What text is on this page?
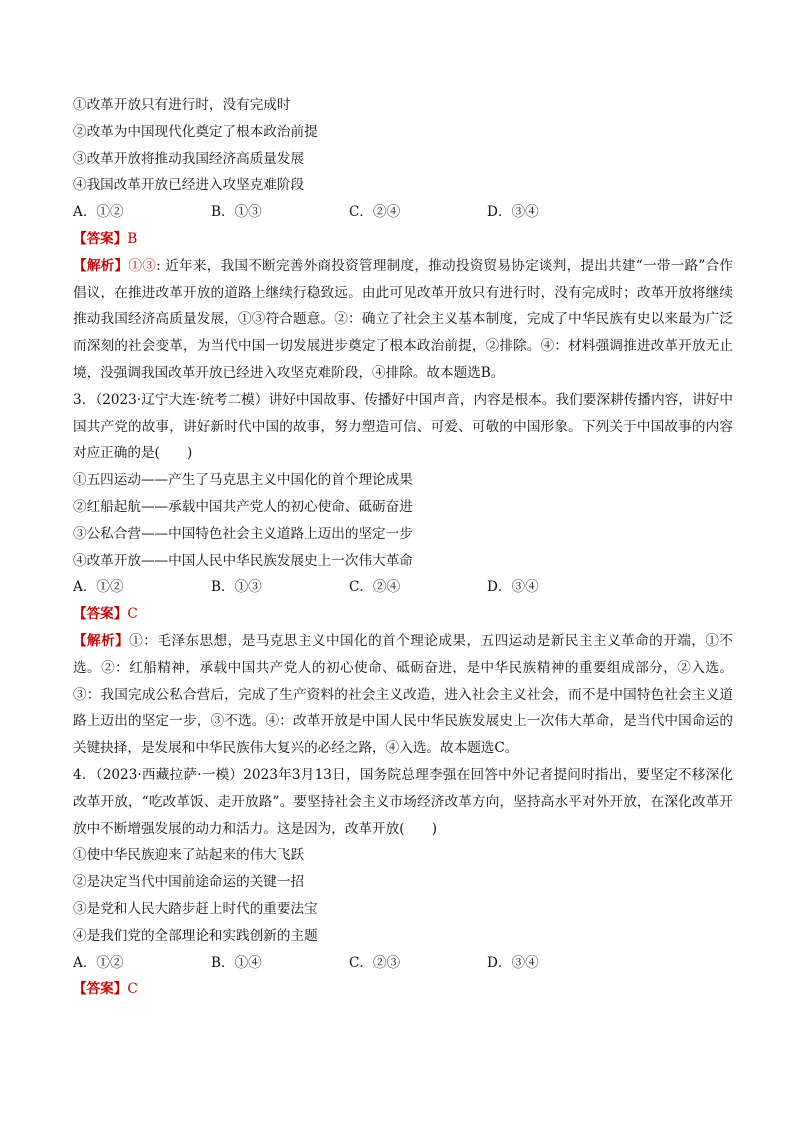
①改革开放只有进行时，没有完成时
②改革为中国现代化奠定了根本政治前提
③改革开放将推动我国经济高质量发展
④我国改革开放已经进入攻坚克难阶段
A．①②	B．①③	C．②④	D．③④
【答案】B
【解析】①③: 近年来，我国不断完善外商投资管理制度，推动投资贸易协定谈判，提出共建“一带一路”合作倡议，在推进改革开放的道路上继续行稳致远。由此可见改革开放只有进行时，没有完成时；改革开放将继续推动我国经济高质量发展，①③符合题意。②：确立了社会主义基本制度，完成了中华民族有史以来最为广泛而深刻的社会变革，为当代中国一切发展进步奠定了根本政治前提，②排除。④：材料强调推进改革开放无止境，没强调我国改革开放已经进入攻坚克难阶段，④排除。故本题选B。
3．（2023·辽宁大连·统考二模）讲好中国故事、传播好中国声音，内容是根本。我们要深耕传播内容，讲好中国共产党的故事，讲好新时代中国的故事，努力塑造可信、可爱、可敬的中国形象。下列关于中国故事的内容对应正确的是(　　)
①五四运动——产生了马克思主义中国化的首个理论成果
②红船起航——承载中国共产党人的初心使命、砥砺奋进
③公私合营——中国特色社会主义道路上迈出的坚定一步
④改革开放——中国人民中华民族发展史上一次伟大革命
A．①②	B．①③	C．②④	D．③④
【答案】C
【解析】①：毛泽东思想，是马克思主义中国化的首个理论成果，五四运动是新民主主义革命的开端，①不选。②：红船精神，承载中国共产党人的初心使命、砥砺奋进，是中华民族精神的重要组成部分，②入选。③：我国完成公私合营后，完成了生产资料的社会主义改造，进入社会主义社会，而不是中国特色社会主义道路上迈出的坚定一步，③不选。④：改革开放是中国人民中华民族发展史上一次伟大革命，是当代中国命运的关键抉择，是发展和中华民族伟大复兴的必经之路，④入选。故本题选C。
4．（2023·西藏拉萨·一模）2023年3月13日，国务院总理李强在回答中外记者提问时指出，要坚定不移深化改革开放，“吃改革饭、走开放路”。要坚持社会主义市场经济改革方向，坚持高水平对外开放，在深化改革开放中不断增强发展的动力和活力。这是因为，改革开放(　　)
①使中华民族迎来了站起来的伟大飞跃
②是决定当代中国前途命运的关键一招
③是党和人民大踏步赶上时代的重要法宝
④是我们党的全部理论和实践创新的主题
A．①②	B．①④	C．②③	D．③④
【答案】C
